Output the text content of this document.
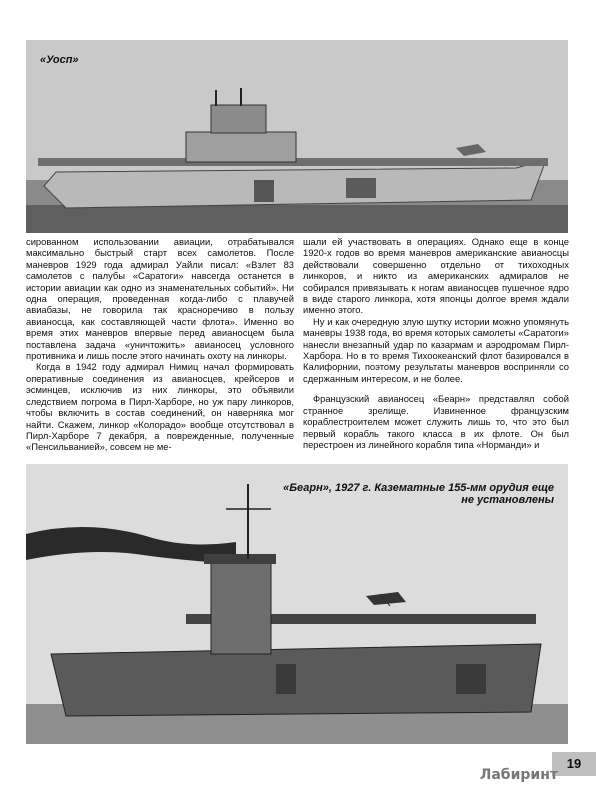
«Уосп»

сированном использовании авиации, отрабатывался максимально быстрый старт всех самолетов. После маневров 1929 года адмирал Уайли писал: «Взлет 83 самолетов с палубы «Саратоги» навсегда останется в истории авиации как одно из знаменательных событий». Ни одна операция, проведенная когда-либо с плавучей авиабазы, не говорила так красноречиво в пользу авианосца, как составляющей части флота». Именно во время этих маневров впервые перед авианосцем была поставлена задача «уничтожить» авианосец условного противника и лишь после этого начинать охоту на линкоры.

Когда в 1942 году адмирал Нимиц начал формировать оперативные соединения из авианосцев, крейсеров и эсминцев, исключив из них линкоры, это объявили следствием погрома в Пирл-Харборе, но уж пару линкоров, чтобы включить в состав соединений, он наверняка мог найти. Скажем, линкор «Колорадо» вообще отсутствовал в Пирл-Харборе 7 декабря, а поврежденные, полученные «Пенсильванией», совсем не ме-

шали ей участвовать в операциях. Однако еще в конце 1920-х годов во время маневров американские авианосцы действовали совершенно отдельно от тихоходных линкоров, и никто из американских адмиралов не собирался привязывать к ногам авианосцев пушечное ядро в виде старого линкора, хотя японцы долгое время ждали именно этого.

Ну и как очередную злую шутку истории можно упомянуть маневры 1938 года, во время которых самолеты «Саратоги» нанесли внезапный удар по казармам и аэродромам Пирл-Харбора. Но в то время Тихоокеанский флот базировался в Калифорнии, поэтому результаты маневров восприняли со сдержанным интересом, и не более.

Французский авианосец «Беарн» представлял собой странное зрелище. Извиненное французским кораблестроителем может служить лишь то, что это был первый корабль такого класса в их флоте. Он был перестроен из линейного корабля типа «Норманди» и

«Беарн», 1927 г. Казематные 155-мм орудия еще
не установлены
19
Лабиринт
